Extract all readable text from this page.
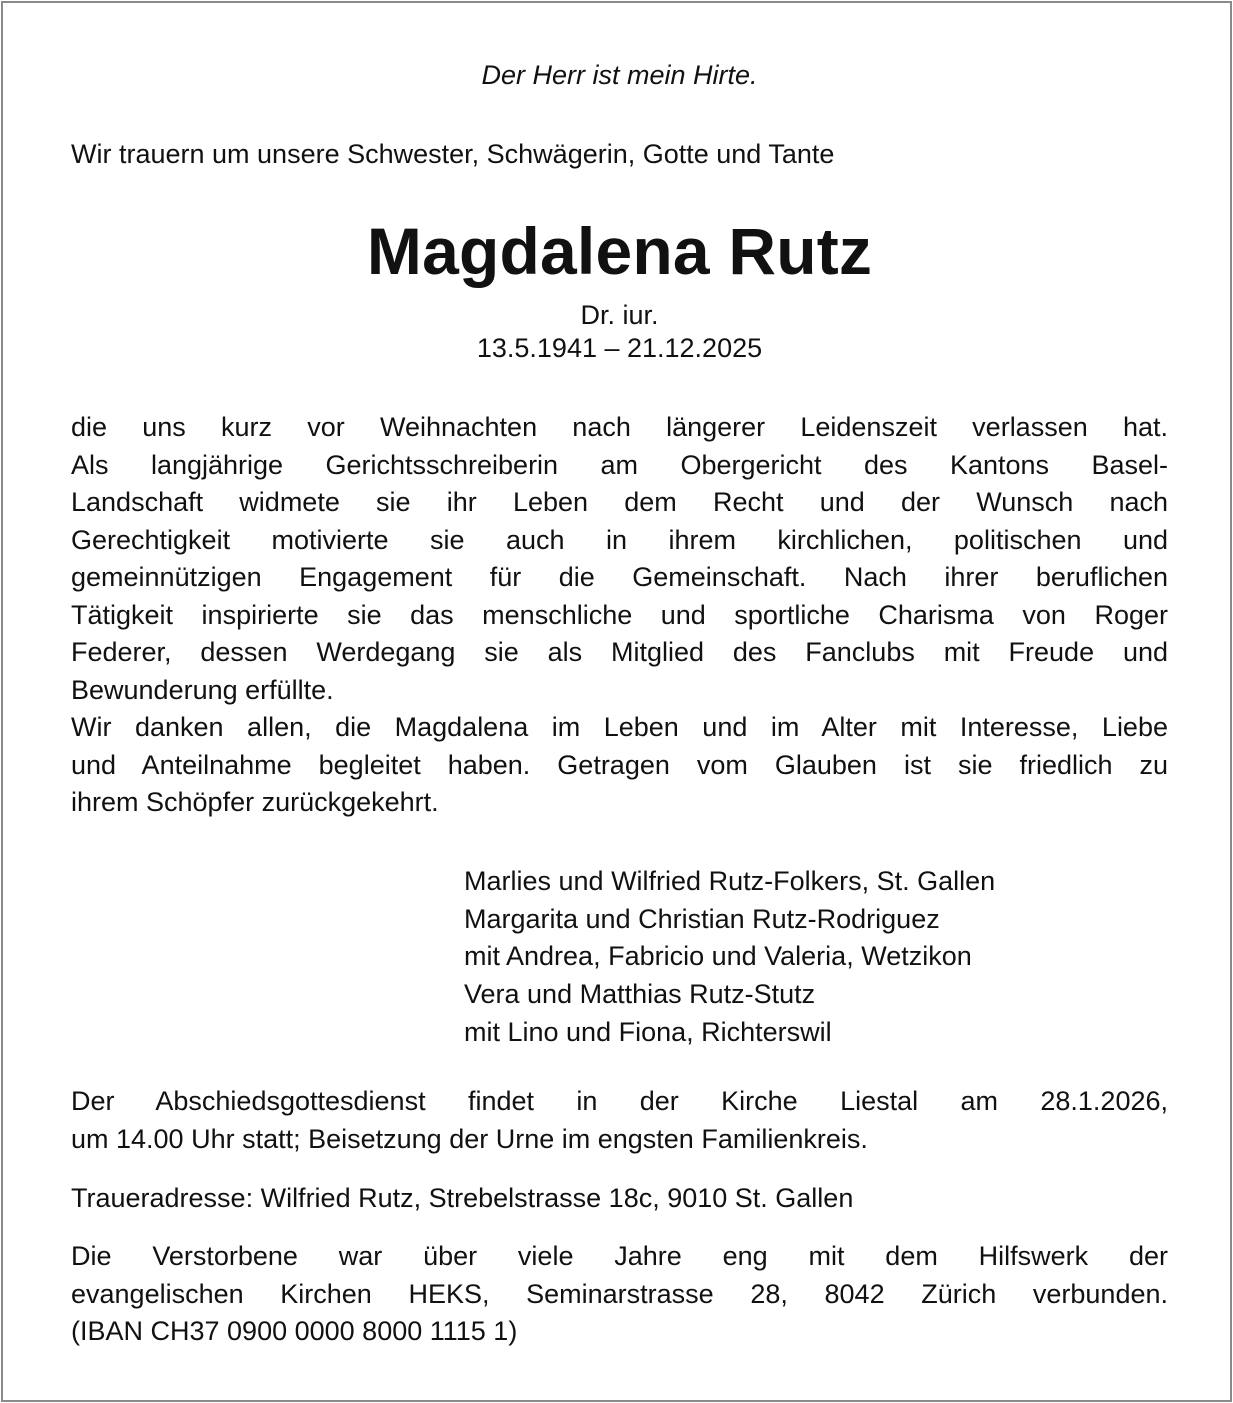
Der Herr ist mein Hirte.
Wir trauern um unsere Schwester, Schwägerin, Gotte und Tante
Magdalena Rutz
Dr. iur.
13.5.1941 – 21.12.2025
die uns kurz vor Weihnachten nach längerer Leidenszeit verlassen hat.
Als langjährige Gerichtsschreiberin am Obergericht des Kantons Basel-
Landschaft widmete sie ihr Leben dem Recht und der Wunsch nach
Gerechtigkeit motivierte sie auch in ihrem kirchlichen, politischen und
gemeinnützigen Engagement für die Gemeinschaft. Nach ihrer beruflichen
Tätigkeit inspirierte sie das menschliche und sportliche Charisma von Roger
Federer, dessen Werdegang sie als Mitglied des Fanclubs mit Freude und
Bewunderung erfüllte.
Wir danken allen, die Magdalena im Leben und im Alter mit Interesse, Liebe
und Anteilnahme begleitet haben. Getragen vom Glauben ist sie friedlich zu
ihrem Schöpfer zurückgekehrt.
Marlies und Wilfried Rutz-Folkers, St. Gallen
Margarita und Christian Rutz-Rodriguez
mit Andrea, Fabricio und Valeria, Wetzikon
Vera und Matthias Rutz-Stutz
mit Lino und Fiona, Richterswil
Der Abschiedsgottesdienst findet in der Kirche Liestal am 28.1.2026,
um 14.00 Uhr statt; Beisetzung der Urne im engsten Familienkreis.
Traueradresse: Wilfried Rutz, Strebelstrasse 18c, 9010 St. Gallen
Die Verstorbene war über viele Jahre eng mit dem Hilfswerk der
evangelischen Kirchen HEKS, Seminarstrasse 28, 8042 Zürich verbunden.
(IBAN CH37 0900 0000 8000 1115 1)
